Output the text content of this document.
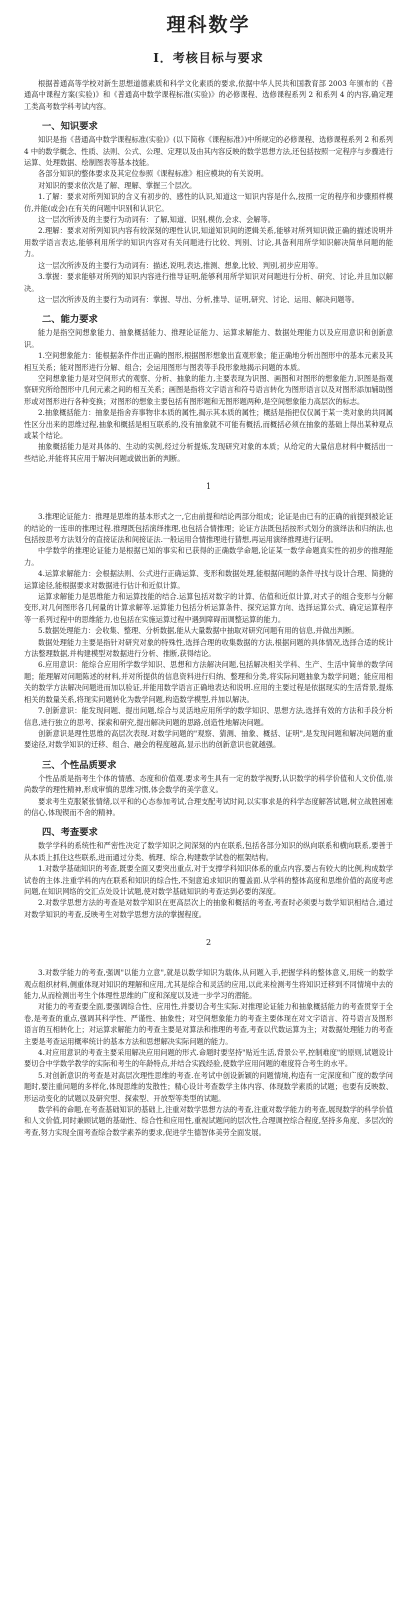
理科数学
Ⅰ．考核目标与要求

根据普通高等学校对新生思想道德素质和科学文化素质的要求,依据中华人民共和国教育部 2003 年颁布的《普通高中课程方案(实验)》和《普通高中数学课程标准(实验)》的必修课程、选修课程系列 2 和系列 4 的内容,确定理工类高考数学科考试内容。

一、知识要求

知识是指《普通高中数学课程标准(实验)》(以下简称《课程标准》)中所规定的必修课程、选修课程系列 2 和系列 4 中的数学概念、性质、法则、公式、公理、定理以及由其内容反映的数学思想方法,还包括按照一定程序与步骤进行运算、处理数据、绘制图表等基本技能。

各部分知识的整体要求及其定位参照《课程标准》相应模块的有关说明。

对知识的要求依次是了解、理解、掌握三个层次。

1.了解：要求对所列知识的含义有初步的、感性的认识,知道这一知识内容是什么,按照一定的程序和步骤照样模仿,并能(或会)在有关的问题中识别和认识它。

这一层次所涉及的主要行为动词有：了解,知道、识别,模仿,会求、会解等。

2.理解：要求对所列知识内容有较深刻的理性认识,知道知识间的逻辑关系,能够对所列知识做正确的描述说明并用数学语言表达,能够利用所学的知识内容对有关问题进行比较、判别、讨论,具备利用所学知识解决简单问题的能力。

这一层次所涉及的主要行为动词有：描述,说明,表达,推测、想象,比较、判别,初步应用等。

3.掌握：要求能够对所列的知识内容进行推导证明,能够利用所学知识对问题进行分析、研究、讨论,并且加以解决。

这一层次所涉及的主要行为动词有：掌握、导出、分析,推导、证明,研究、讨论、运用、解决问题等。

二、能力要求

能力是指空间想象能力、抽象概括能力、推理论证能力、运算求解能力、数据处理能力以及应用意识和创新意识。

1.空间想象能力：能根据条件作出正确的图形,根据图形想象出直观形象；能正确地分析出图形中的基本元素及其相互关系；能对图形进行分解、组合；会运用图形与图表等手段形象地揭示问题的本质。

空间想象能力是对空间形式的观察、分析、抽象的能力,主要表现为识图、画图和对图形的想象能力,识图是指观察研究所给图形中几何元素之间的相互关系；画图是指将文字语言和符号语言转化为图形语言以及对图形添加辅助图形或对图形进行各种变换；对图形的想象主要包括有图形题和无图形题两种,是空间想象能力高层次的标志。

2.抽象概括能力：抽象是指舍弃事物非本质的属性,揭示其本质的属性；概括是指把仅仅属于某一类对象的共同属性区分出来的思维过程,抽象和概括是相互联系的,没有抽象就不可能有概括,而概括必须在抽象的基础上得出某种观点或某个结论。

抽象概括能力是对具体的、生动的实例,经过分析提炼,发现研究对象的本质；从给定的大量信息材料中概括出一些结论,并能将其应用于解决问题或做出新的判断。

1

3.推理论证能力：推理是思维的基本形式之一,它由前提和结论两部分组成；论证是由已有的正确的前提到被论证的结论的一连串的推理过程.推理既包括演绎推理,也包括合情推理；论证方法既包括按形式划分的演绎法和归纳法,也包括按思考方法划分的直接证法和间接证法.一般运用合情推理进行猜想,再运用演绎推理进行证明。

中学数学的推理论证能力是根据已知的事实和已获得的正确数学命题,论证某一数学命题真实性的初步的推理能力。

4.运算求解能力：会根据法则、公式进行正确运算、变形和数据处理,能根据问题的条件寻找与设计合理、简捷的运算途径,能根据要求对数据进行估计和近似计算。

运算求解能力是思维能力和运算技能的结合.运算包括对数字的计算、估值和近似计算,对式子的组合变形与分解变形,对几何图形各几何量的计算求解等.运算能力包括分析运算条件、探究运算方向、选择运算公式、确定运算程序等一系列过程中的思维能力,也包括在实施运算过程中遇到障碍而调整运算的能力。

5.数据处理能力：会收集、整理、分析数据,能从大量数据中抽取对研究问题有用的信息,并做出判断。

数据处理能力主要是指针对研究对象的特殊性,选择合理的收集数据的方法,根据问题的具体情况,选择合适的统计方法整理数据,并构建模型对数据进行分析、推断,获得结论。

6.应用意识：能综合应用所学数学知识、思想和方法解决问题,包括解决相关学科、生产、生活中简单的数学问题；能理解对问题陈述的材料,并对所提供的信息资料进行归纳、整理和分类,将实际问题抽象为数学问题；能应用相关的数学方法解决问题进而加以验证,并能用数学语言正确地表达和说明.应用的主要过程是依据现实的生活背景,提炼相关的数量关系,将现实问题转化为数学问题,构造数学模型,并加以解决。

7.创新意识：能发现问题、提出问题,综合与灵活地应用所学的数学知识、思想方法,选择有效的方法和手段分析信息,进行独立的思考、探索和研究,提出解决问题的思路,创造性地解决问题。

创新意识是理性思维的高层次表现.对数学问题的"观察、猜测、抽象、概括、证明",是发现问题和解决问题的重要途径,对数学知识的迁移、组合、融会的程度越高,显示出的创新意识也就越强。

三、个性品质要求

个性品质是指考生个体的情感、态度和价值观.要求考生具有一定的数学视野,认识数学的科学价值和人文价值,崇尚数学的理性精神,形成审慎的思维习惯,体会数学的美学意义。

要求考生克服紧张情绪,以平和的心态参加考试,合理支配考试时间,以实事求是的科学态度解答试题,树立战胜困难的信心,体现锲而不舍的精神。

四、考查要求

数学学科的系统性和严密性决定了数学知识之间深刻的内在联系,包括各部分知识的纵向联系和横向联系,要善于从本质上抓住这些联系,进而通过分类、梳理、综合,构建数学试卷的框架结构。

1.对数学基础知识的考查,既要全面又要突出重点,对于支撑学科知识体系的重点内容,要占有较大的比例,构成数学试卷的主体.注重学科的内在联系和知识的综合性,不刻意追求知识的覆盖面.从学科的整体高度和思维价值的高度考虑问题,在知识网络的交汇点处设计试题,使对数学基础知识的考查达到必要的深度。

2.对数学思想方法的考查是对数学知识在更高层次上的抽象和概括的考查,考查时必须要与数学知识相结合,通过对数学知识的考查,反映考生对数学思想方法的掌握程度。

2

3.对数学能力的考查,强调"以能力立意",就是以数学知识为载体,从问题入手,把握学科的整体意义,用统一的数学观点组织材料,侧重体现对知识的理解和应用,尤其是综合和灵活的应用,以此来检测考生将知识迁移到不同情境中去的能力,从而检测出考生个体理性思维的广度和深度以及进一步学习的潜能。

对能力的考查要全面,要强调综合性、应用性,并要切合考生实际.对推理论证能力和抽象概括能力的考查贯穿于全卷,是考查的重点,强调其科学性、严谨性、抽象性；对空间想象能力的考查主要体现在对文字语言、符号语言及图形语言的互相转化上；对运算求解能力的考查主要是对算法和推理的考查,考查以代数运算为主；对数据处理能力的考查主要是考查运用概率统计的基本方法和思想解决实际问题的能力。

4.对应用意识的考查主要采用解决应用问题的形式.命题时要坚持"贴近生活,背景公平,控制难度"的原则,试题设计要切合中学数学教学的实际和考生的年龄特点,并结合实践经验,使数学应用问题的难度符合考生的水平。

5.对创新意识的考查是对高层次理性思维的考查.在考试中创设新颖的问题情境,构造有一定深度和广度的数学问题时,要注重问题的多样化,体现思维的发散性；精心设计考查数学主体内容、体现数学素质的试题；也要有反映数、形运动变化的试题以及研究型、探索型、开放型等类型的试题。

数学科的命题,在考查基础知识的基础上,注重对数学思想方法的考查,注重对数学能力的考查,展现数学的科学价值和人文价值,同时兼顾试题的基础性、综合性和应用性,重视试题问的层次性,合理调控综合程度,坚持多角度、多层次的考查,努力实现全面考查综合数学素养的要求,促进学生德智体美劳全面发展。
